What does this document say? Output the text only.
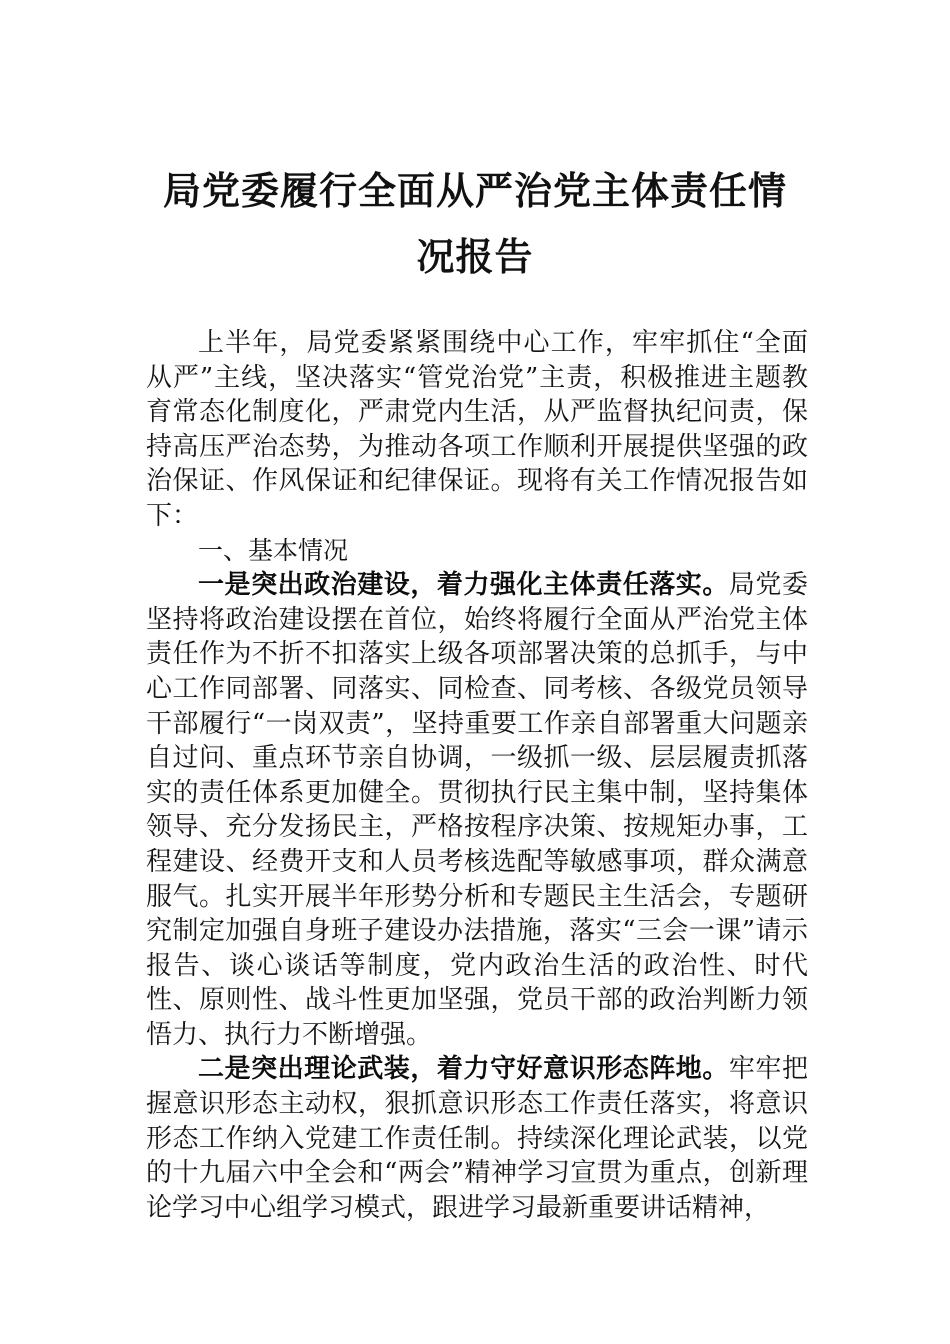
局党委履行全面从严治党主体责任情况报告

上半年，局党委紧紧围绕中心工作，牢牢抓住“全面从严”主线，坚决落实“管党治党”主责，积极推进主题教育常态化制度化，严肃党内生活，从严监督执纪问责，保持高压严治态势，为推动各项工作顺利开展提供坚强的政治保证、作风保证和纪律保证。现将有关工作情况报告如下：

一、基本情况

一是突出政治建设，着力强化主体责任落实。局党委坚持将政治建设摆在首位，始终将履行全面从严治党主体责任作为不折不扣落实上级各项部署决策的总抓手，与中心工作同部署、同落实、同检查、同考核、各级党员领导干部履行“一岗双责”，坚持重要工作亲自部署重大问题亲自过问、重点环节亲自协调，一级抓一级、层层履责抓落实的责任体系更加健全。贯彻执行民主集中制，坚持集体领导、充分发扬民主，严格按程序决策、按规矩办事，工程建设、经费开支和人员考核选配等敏感事项，群众满意服气。扎实开展半年形势分析和专题民主生活会，专题研究制定加强自身班子建设办法措施，落实“三会一课”请示报告、谈心谈话等制度，党内政治生活的政治性、时代性、原则性、战斗性更加坚强，党员干部的政治判断力领悟力、执行力不断增强。

二是突出理论武装，着力守好意识形态阵地。牢牢把握意识形态主动权，狠抓意识形态工作责任落实，将意识形态工作纳入党建工作责任制。持续深化理论武装，以党的十九届六中全会和“两会”精神学习宣贯为重点，创新理论学习中心组学习模式，跟进学习最新重要讲话精神，
